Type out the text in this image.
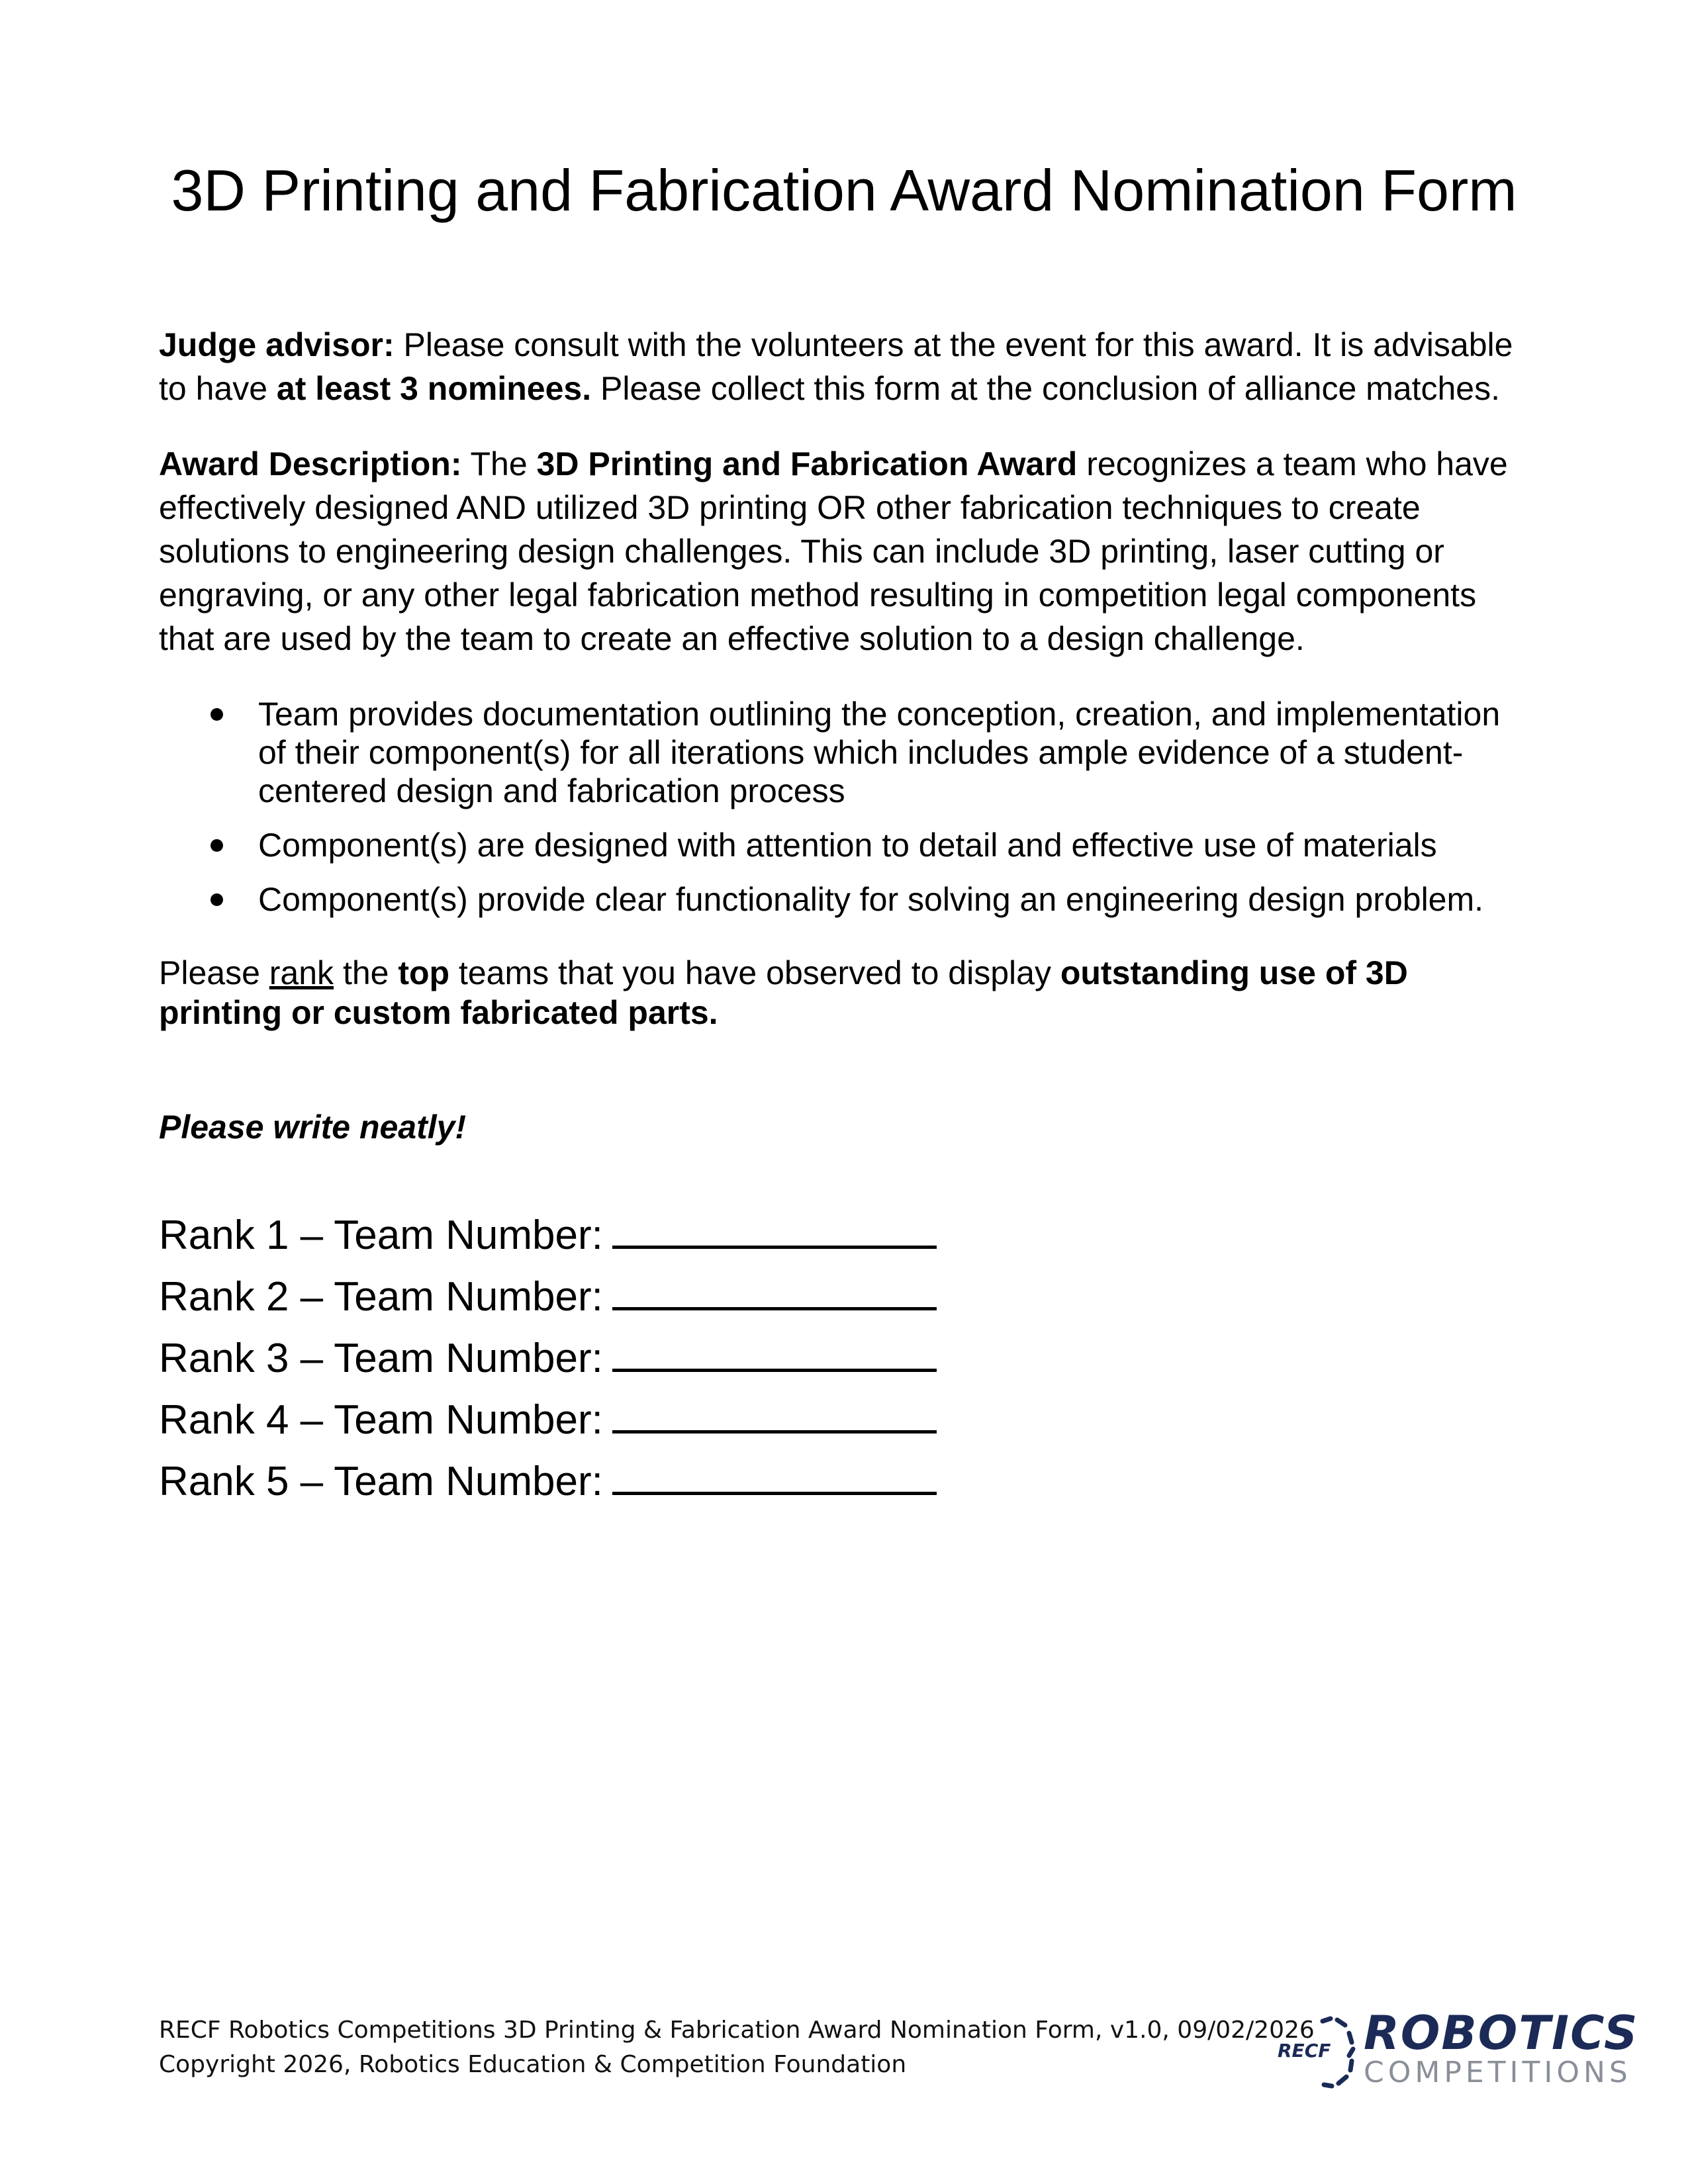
3D Printing and Fabrication Award Nomination Form

Judge advisor: Please consult with the volunteers at the event for this award. It is advisable to have at least 3 nominees. Please collect this form at the conclusion of alliance matches.

Award Description: The 3D Printing and Fabrication Award recognizes a team who have effectively designed AND utilized 3D printing OR other fabrication techniques to create solutions to engineering design challenges. This can include 3D printing, laser cutting or engraving, or any other legal fabrication method resulting in competition legal components that are used by the team to create an effective solution to a design challenge.

Team provides documentation outlining the conception, creation, and implementation of their component(s) for all iterations which includes ample evidence of a student-centered design and fabrication process
Component(s) are designed with attention to detail and effective use of materials
Component(s) provide clear functionality for solving an engineering design problem.

Please rank the top teams that you have observed to display outstanding use of 3D printing or custom fabricated parts.

Please write neatly!

Rank 1 – Team Number:
Rank 2 – Team Number:
Rank 3 – Team Number:
Rank 4 – Team Number:
Rank 5 – Team Number:
RECF Robotics Competitions 3D Printing & Fabrication Award Nomination Form, v1.0, 09/02/2026
Copyright 2026, Robotics Education & Competition Foundation
RECF ROBOTICS
COMPETITIONS
